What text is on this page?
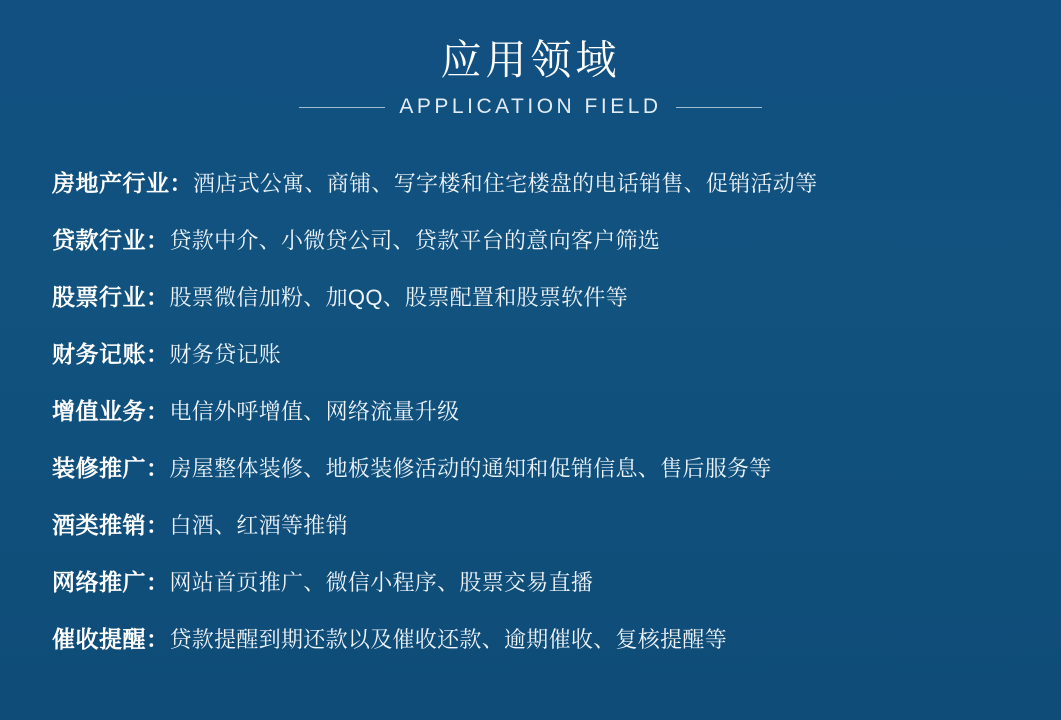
应用领域
APPLICATION FIELD
房地产行业： 酒店式公寓、商铺、写字楼和住宅楼盘的电话销售、促销活动等
贷款行业： 贷款中介、小微贷公司、贷款平台的意向客户筛选
股票行业： 股票微信加粉、加QQ、股票配置和股票软件等
财务记账： 财务贷记账
增值业务： 电信外呼增值、网络流量升级
装修推广： 房屋整体装修、地板装修活动的通知和促销信息、售后服务等
酒类推销： 白酒、红酒等推销
网络推广： 网站首页推广、微信小程序、股票交易直播
催收提醒： 贷款提醒到期还款以及催收还款、逾期催收、复核提醒等
